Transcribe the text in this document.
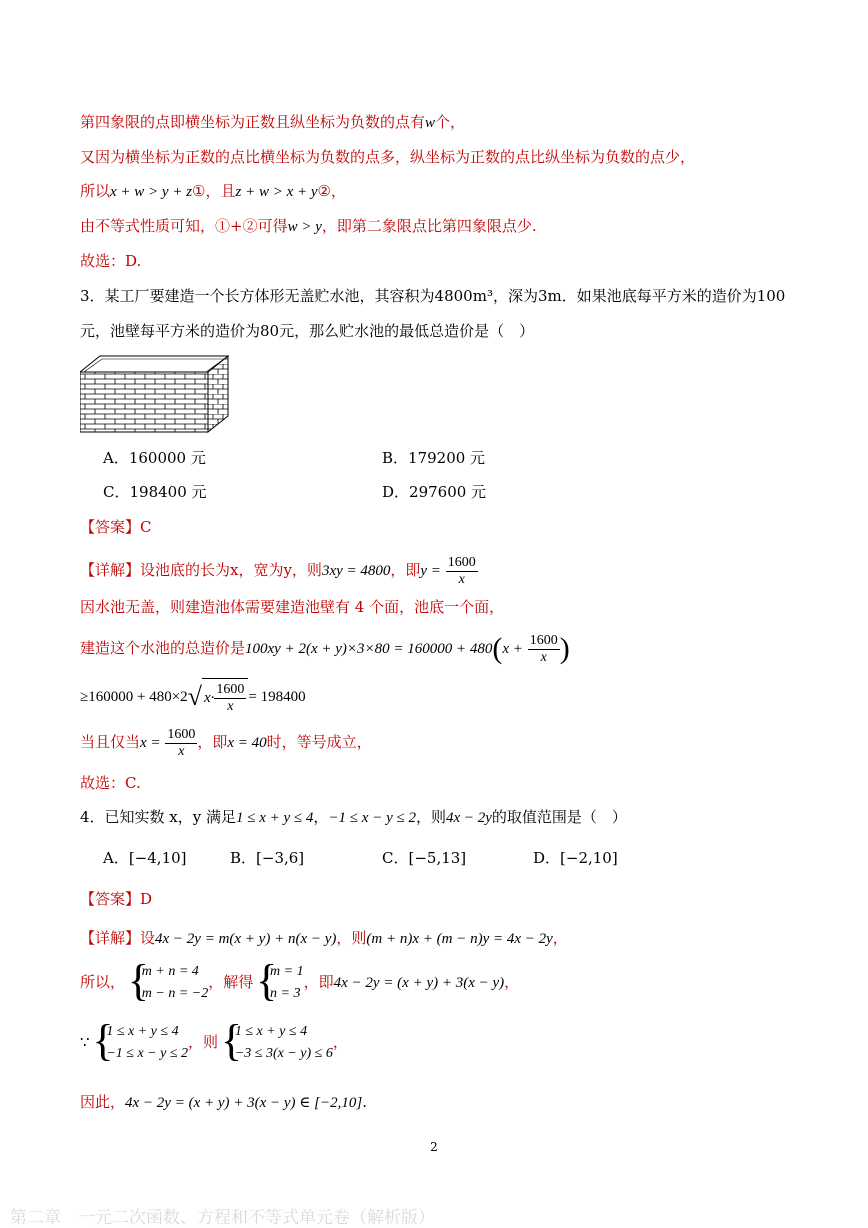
第四象限的点即横坐标为正数且纵坐标为负数的点有w个，
又因为横坐标为正数的点比横坐标为负数的点多，纵坐标为正数的点比纵坐标为负数的点少，
所以x + w > y + z①，且z + w > x + y②，
由不等式性质可知，①+②可得w > y，即第二象限点比第四象限点少.
故选：D.
3．某工厂要建造一个长方体形无盖贮水池，其容积为4800m³，深为3m．如果池底每平方米的造价为100
元，池壁每平方米的造价为80元，那么贮水池的最低总造价是（　）
A．160000 元	B．179200 元
C．198400 元	D．297600 元
【答案】C
【详解】设池底的长为x，宽为y，则3xy = 4800，即$y = \frac{1600}{x}$
因水池无盖，则建造池体需要建造池壁有 4 个面，池底一个面，
建造这个水池的总造价是$100xy + 2(x + y)\times 3\times 80 = 160000 + 480(x + \frac{1600}{x}$ )
≥160000 + 480×2√ $x\cdot \frac{1600}{x} = 198400$
当且仅当$x = \frac{1600}{x}$ ，即x = 40时，等号成立，
故选：C.
4．已知实数 x，y 满足1 ≤ x + y ≤ 4，−1 ≤ x − y ≤ 2，则4x − 2y的取值范围是（　）
A．[−4,10]	B．[−3,6]	C．[−5,13]	D．[−2,10]
【答案】D
【详解】设4x − 2y = m(x + y) + n(x − y)，则(m + n)x + (m − n)y = 4x − 2y，
所以，
{ m + n = 4
m − n = −2
，解得
{ m = 1
n = 3
，即4x − 2y = (x + y) + 3(x − y)，
∵
{ 1 ≤ x + y ≤ 4
−1 ≤ x − y ≤ 2
，则
{ 1 ≤ x + y ≤ 4
−3 ≤ 3(x − y) ≤ 6
，
因此，4x − 2y = (x + y) + 3(x − y) ∈ [−2,10].
2
第二章　一元二次函数、方程和不等式单元卷（解析版）
